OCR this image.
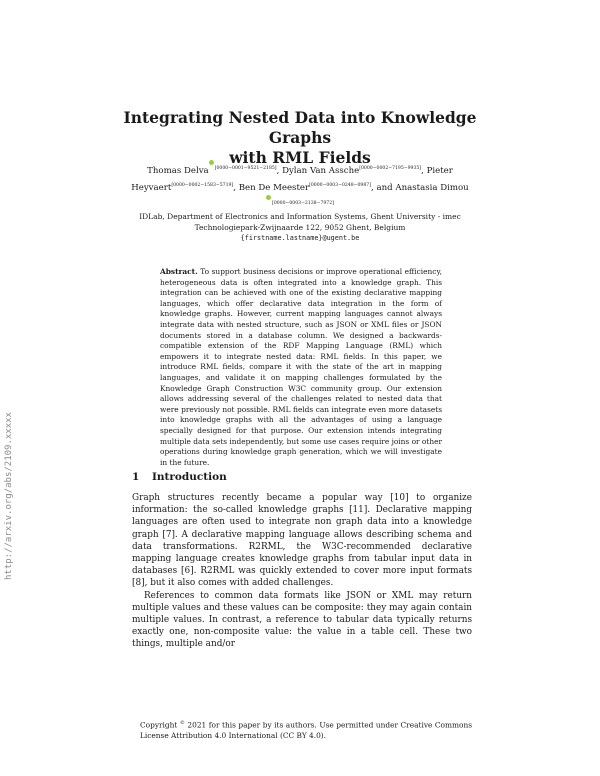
Integrating Nested Data into Knowledge Graphs
with RML Fields
Thomas Delva [0000−0001−9521−2185], Dylan Van Assche[0000−0002−7195−9935], Pieter Heyvaert[0000−0002−1583−5719], Ben De Meester[0000−0003−0248−0987], and Anastasia Dimou[0000−0003−2138−7972]
IDLab, Department of Electronics and Information Systems, Ghent University - imec
Technologiepark-Zwijnaarde 122, 9052 Ghent, Belgium
{firstname.lastname}@ugent.be
Abstract. To support business decisions or improve operational efficiency, heterogeneous data is often integrated into a knowledge graph. This integration can be achieved with one of the existing declarative mapping languages, which offer declarative data integration in the form of knowledge graphs. However, current mapping languages cannot always integrate data with nested structure, such as JSON or XML files or JSON documents stored in a database column. We designed a backwards-compatible extension of the RDF Mapping Language (RML) which empowers it to integrate nested data: RML fields. In this paper, we introduce RML fields, compare it with the state of the art in mapping languages, and validate it on mapping challenges formulated by the Knowledge Graph Construction W3C community group. Our extension allows addressing several of the challenges related to nested data that were previously not possible. RML fields can integrate even more datasets into knowledge graphs with all the advantages of using a language specially designed for that purpose. Our extension intends integrating multiple data sets independently, but some use cases require joins or other operations during knowledge graph generation, which we will investigate in the future.
1 Introduction

Graph structures recently became a popular way [10] to organize information: the so-called knowledge graphs [11]. Declarative mapping languages are often used to integrate non graph data into a knowledge graph [7]. A declarative mapping language allows describing schema and data transformations. R2RML, the W3C-recommended declarative mapping language creates knowledge graphs from tabular input data in databases [6]. R2RML was quickly extended to cover more input formats [8], but it also comes with added challenges.

References to common data formats like JSON or XML may return multiple values and these values can be composite: they may again contain multiple values. In contrast, a reference to tabular data typically returns exactly one, non-composite value: the value in a table cell. These two things, multiple and/or

Copyright © 2021 for this paper by its authors. Use permitted under Creative Commons License Attribution 4.0 International (CC BY 4.0).
http://arxiv.org/abs/2109.xxxxx
